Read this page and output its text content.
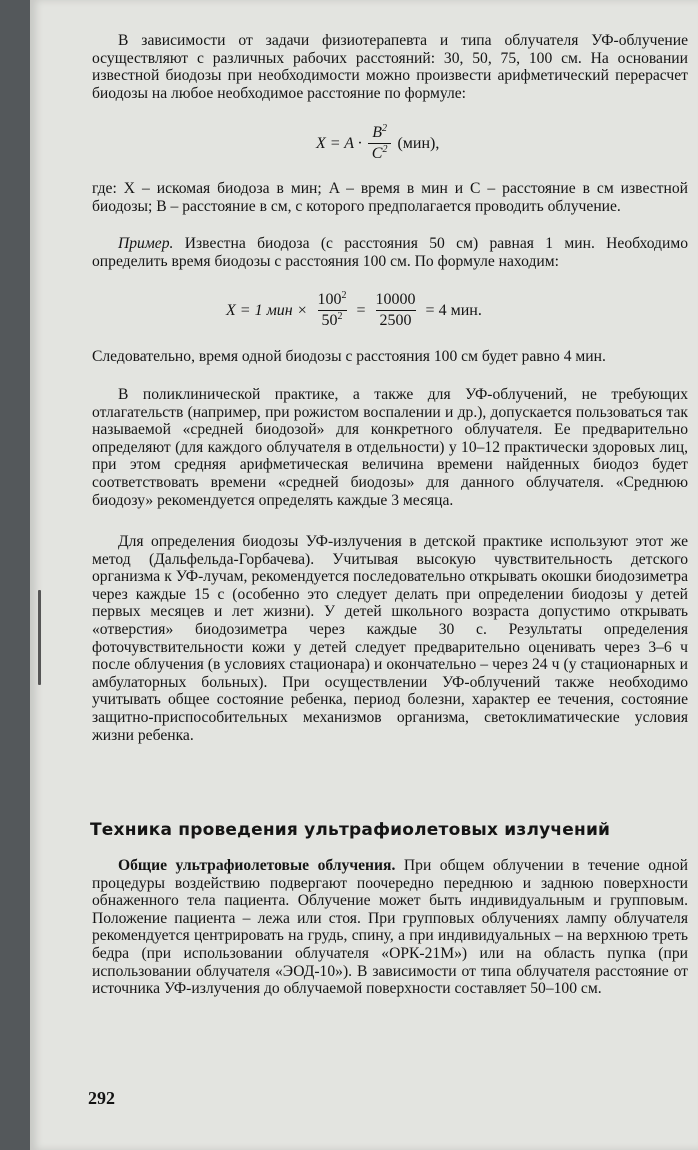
В зависимости от задачи физиотерапевта и типа облучателя УФ-облучение осуществляют с различных рабочих расстояний: 30, 50, 75, 100 см. На основании известной биодозы при необходимости можно произвести арифметический перерасчет биодозы на любое необходимое расстояние по формуле:

$X = A \cdot \frac{B^2}{C^2} (мин)$,

где: X – искомая биодоза в мин; A – время в мин и C – расстояние в см известной биодозы; B – расстояние в см, с которого предполагается проводить облучение.

Пример. Известна биодоза (с расстояния 50 см) равная 1 мин. Необходимо определить время биодозы с расстояния 100 см. По формуле находим:

X = 1 мин × $\frac{100^2}{50^2} = \frac{10000}{2500} = 4$ мин.

Следовательно, время одной биодозы с расстояния 100 см будет равно 4 мин.

В поликлинической практике, а также для УФ-облучений, не требующих отлагательств (например, при рожистом воспалении и др.), допускается пользоваться так называемой «средней биодозой» для конкретного облучателя. Ее предварительно определяют (для каждого облучателя в отдельности) у 10–12 практически здоровых лиц, при этом средняя арифметическая величина времени найденных биодоз будет соответствовать времени «средней биодозы» для данного облучателя. «Среднюю биодозу» рекомендуется определять каждые 3 месяца.

Для определения биодозы УФ-излучения в детской практике используют этот же метод (Дальфельда-Горбачева). Учитывая высокую чувствительность детского организма к УФ-лучам, рекомендуется последовательно открывать окошки биодозиметра через каждые 15 с (особенно это следует делать при определении биодозы у детей первых месяцев и лет жизни). У детей школьного возраста допустимо открывать «отверстия» биодозиметра через каждые 30 с. Результаты определения фоточувствительности кожи у детей следует предварительно оценивать через 3–6 ч после облучения (в условиях стационара) и окончательно – через 24 ч (у стационарных и амбулаторных больных). При осуществлении УФ-облучений также необходимо учитывать общее состояние ребенка, период болезни, характер ее течения, состояние защитно-приспособительных механизмов организма, светоклиматические условия жизни ребенка.

Техника проведения ультрафиолетовых излучений

Общие ультрафиолетовые облучения. При общем облучении в течение одной процедуры воздействию подвергают поочередно переднюю и заднюю поверхности обнаженного тела пациента. Облучение может быть индивидуальным и групповым. Положение пациента – лежа или стоя. При групповых облучениях лампу облучателя рекомендуется центрировать на грудь, спину, а при индивидуальных – на верхнюю треть бедра (при использовании облучателя «ОРК-21М») или на область пупка (при использовании облучателя «ЭОД-10»). В зависимости от типа облучателя расстояние от источника УФ-излучения до облучаемой поверхности составляет 50–100 см.

292
